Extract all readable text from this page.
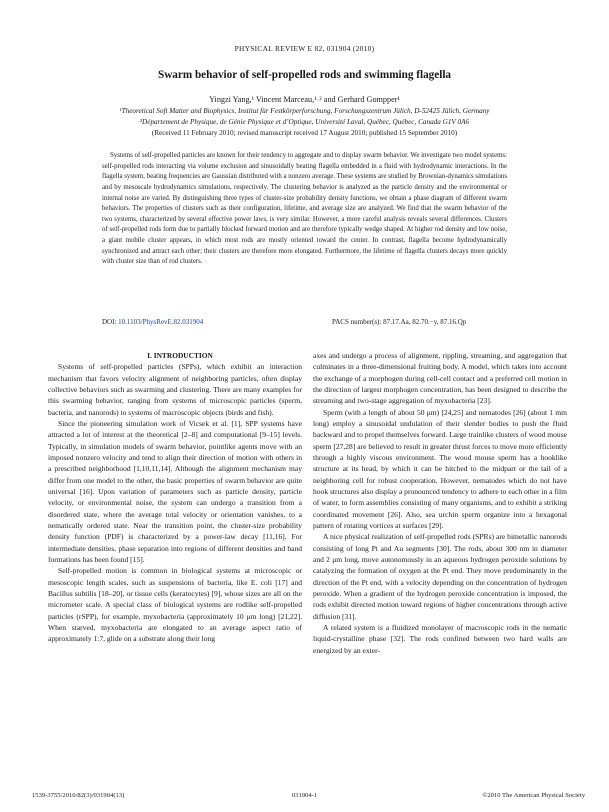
PHYSICAL REVIEW E 82, 031904 (2010)
Swarm behavior of self-propelled rods and swimming flagella
Yingzi Yang,¹ Vincent Marceau,¹˒² and Gerhard Gompper¹
¹Theoretical Soft Matter and Biophysics, Institut für Festkörperforschung, Forschungszentrum Jülich, D-52425 Jülich, Germany
²Département de Physique, de Génie Physique et d’Optique, Université Laval, Québec, Québec, Canada G1V 0A6
(Received 11 February 2010; revised manuscript received 17 August 2010; published 15 September 2010)

Systems of self-propelled particles are known for their tendency to aggregate and to display swarm behavior. We investigate two model systems: self-propelled rods interacting via volume exclusion and sinusoidally beating flagella embedded in a fluid with hydrodynamic interactions. In the flagella system, beating frequencies are Gaussian distributed with a nonzero average. These systems are studied by Brownian-dynamics simulations and by mesoscale hydrodynamics simulations, respectively. The clustering behavior is analyzed as the particle density and the environmental or internal noise are varied. By distinguishing three types of cluster-size probability density functions, we obtain a phase diagram of different swarm behaviors. The properties of clusters such as their configuration, lifetime, and average size are analyzed. We find that the swarm behavior of the two systems, characterized by several effective power laws, is very similar. However, a more careful analysis reveals several differences. Clusters of self-propelled rods form due to partially blocked forward motion and are therefore typically wedge shaped. At higher rod density and low noise, a giant mobile cluster appears, in which most rods are mostly oriented toward the center. In contrast, flagella become hydrodynamically synchronized and attract each other; their clusters are therefore more elongated. Furthermore, the lifetime of flagella clusters decays more quickly with cluster size than of rod clusters.

DOI: 10.1103/PhysRevE.82.031904	PACS number(s): 87.17.Aa, 82.70.−y, 87.16.Qp

I. INTRODUCTION

Systems of self-propelled particles (SPPs), which exhibit an interaction mechanism that favors velocity alignment of neighboring particles, often display collective behaviors such as swarming and clustering. There are many examples for this swarming behavior, ranging from systems of microscopic particles (sperm, bacteria, and nanorods) to systems of macroscopic objects (birds and fish).

Since the pioneering simulation work of Vicsek et al. [1], SPP systems have attracted a lot of interest at the theoretical [2–8] and computational [9–15] levels. Typically, in simulation models of swarm behavior, pointlike agents move with an imposed nonzero velocity and tend to align their direction of motion with others in a prescribed neighborhood [1,10,11,14]. Although the alignment mechanism may differ from one model to the other, the basic properties of swarm behavior are quite universal [16]. Upon variation of parameters such as particle density, particle velocity, or environmental noise, the system can undergo a transition from a disordered state, where the average total velocity or orientation vanishes, to a nematically ordered state. Near the transition point, the cluster-size probability density function (PDF) is characterized by a power-law decay [11,16]. For intermediate densities, phase separation into regions of different densities and band formations has been found [15].

Self-propelled motion is common in biological systems at microscopic or mesoscopic length scales, such as suspensions of bacteria, like E. coli [17] and Bacillus subtilis [18–20], or tissue cells (keratocytes) [9], whose sizes are all on the micrometer scale. A special class of biological systems are rodlike self-propelled particles (rSPP), for example, myxobacteria (approximately 10 μm long) [21,22]. When starved, myxobacteria are elongated to an average aspect ratio of approximately 1:7, glide on a substrate along their long

axes and undergo a process of alignment, rippling, streaming, and aggregation that culminates in a three-dimensional fruiting body. A model, which takes into account the exchange of a morphogen during cell-cell contact and a preferred cell motion in the direction of largest morphogen concentration, has been designed to describe the streaming and two-stage aggregation of myxobacteria [23].

Sperm (with a length of about 50 μm) [24,25] and nematodes [26] (about 1 mm long) employ a sinusoidal undulation of their slender bodies to push the fluid backward and to propel themselves forward. Large trainlike clusters of wood mouse sperm [27,28] are believed to result in greater thrust forces to move more efficiently through a highly viscous environment. The wood mouse sperm has a hooklike structure at its head, by which it can be hitched to the midpart or the tail of a neighboring cell for robust cooperation. However, nematodes which do not have hook structures also display a pronounced tendency to adhere to each other in a film of water, to form assemblies consisting of many organisms, and to exhibit a striking coordinated movement [26]. Also, sea urchin sperm organize into a hexagonal pattern of rotating vortices at surfaces [29].

A nice physical realization of self-propelled rods (SPRs) are bimetallic nanorods consisting of long Pt and Au segments [30]. The rods, about 300 nm in diameter and 2 μm long, move autonomously in an aqueous hydrogen peroxide solutions by catalyzing the formation of oxygen at the Pt end. They move predominantly in the direction of the Pt end, with a velocity depending on the concentration of hydrogen peroxide. When a gradient of the hydrogen peroxide concentration is imposed, the rods exhibit directed motion toward regions of higher concentrations through active diffusion [31].

A related system is a fluidized monolayer of macroscopic rods in the nematic liquid-crystalline phase [32]. The rods confined between two hard walls are energized by an exter-

1539-3755/2010/82(3)/031904(13)	031904-1	©2010 The American Physical Society
